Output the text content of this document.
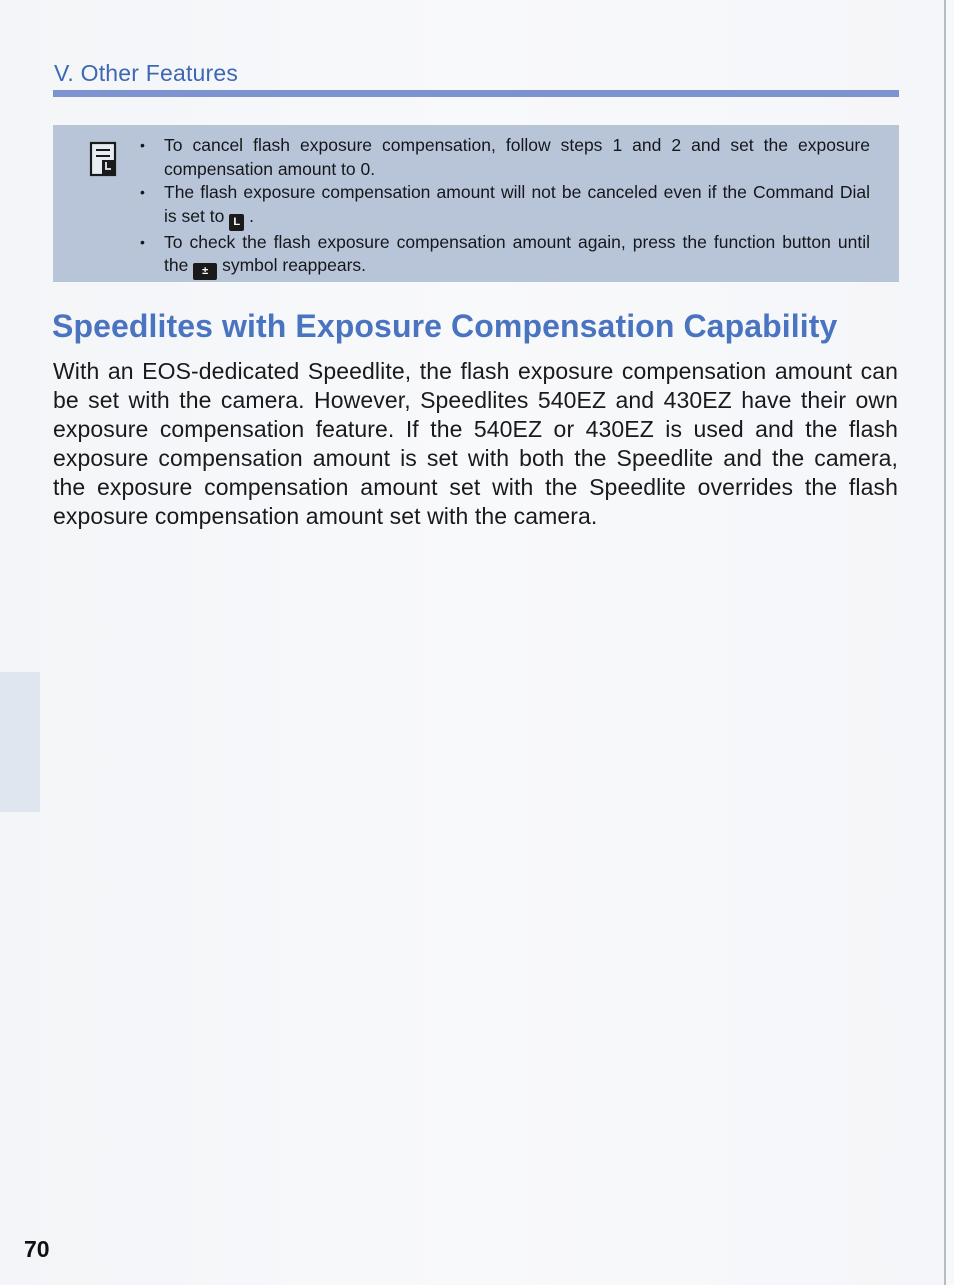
V. Other Features
• To cancel flash exposure compensation, follow steps 1 and 2 and set the exposure compensation amount to 0.
• The flash exposure compensation amount will not be canceled even if the Command Dial is set to L .
• To check the flash exposure compensation amount again, press the function button until the ± symbol reappears.
Speedlites with Exposure Compensation Capability

With an EOS-dedicated Speedlite, the flash exposure compensation amount can be set with the camera. However, Speedlites 540EZ and 430EZ have their own exposure compensation feature. If the 540EZ or 430EZ is used and the flash exposure compensation amount is set with both the Speedlite and the camera, the exposure compensation amount set with the Speedlite overrides the flash exposure compensation amount set with the camera.

70
